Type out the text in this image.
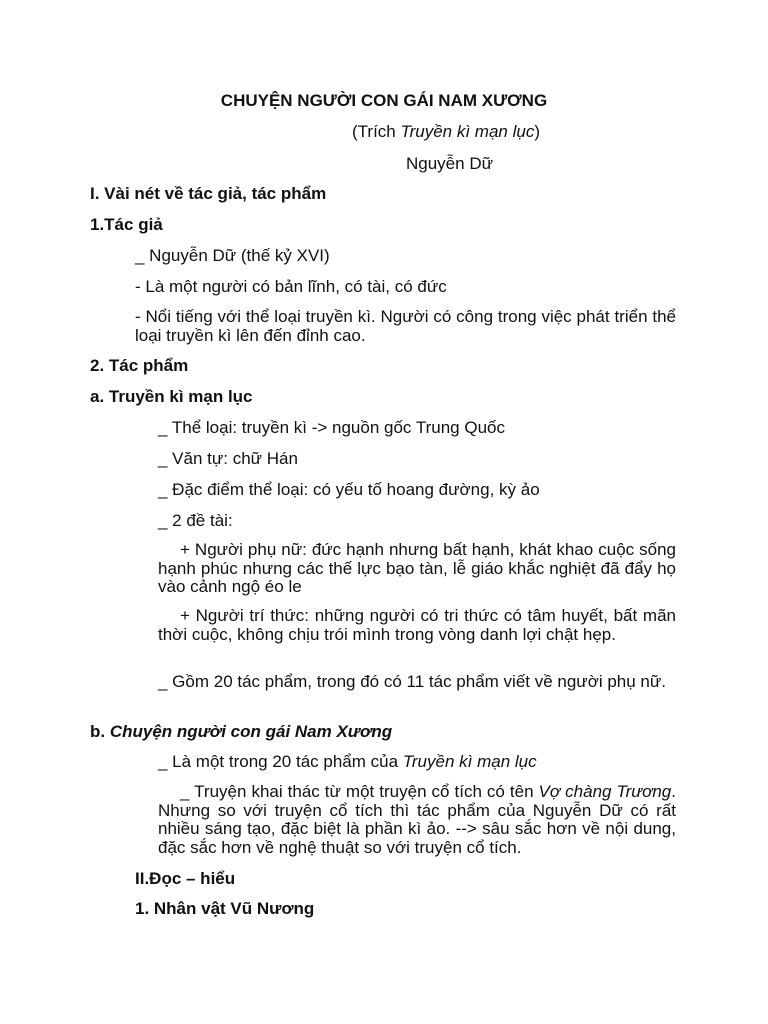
CHUYỆN NGƯỜI CON GÁI NAM XƯƠNG
(Trích Truyền kì mạn lục)
Nguyễn Dữ
I. Vài nét về tác giả, tác phẩm
1.Tác giả
_ Nguyễn Dữ (thế kỷ XVI)
- Là một người có bản lĩnh, có tài, có đức
- Nổi tiếng với thể loại truyền kì. Người có công trong việc phát triển thể loại truyền kì lên đến đỉnh cao.
2. Tác phẩm
a. Truyền kì mạn lục
_ Thể loại: truyền kì -> nguồn gốc Trung Quốc
_ Văn tự: chữ Hán
_ Đặc điểm thể loại: có yếu tố hoang đường, kỳ ảo
_ 2 đề tài:
+ Người phụ nữ: đức hạnh nhưng bất hạnh, khát khao cuộc sống hạnh phúc nhưng các thế lực bạo tàn, lễ giáo khắc nghiệt đã đẩy họ vào cảnh ngộ éo le
+ Người trí thức: những người có tri thức có tâm huyết, bất mãn thời cuộc, không chịu trói mình trong vòng danh lợi chật hẹp.
_ Gồm 20 tác phẩm, trong đó có 11 tác phẩm viết về người phụ nữ.
b. Chuyện người con gái Nam Xương
_ Là một trong 20 tác phẩm của Truyền kì mạn lục
_ Truyện khai thác từ một truyện cổ tích có tên Vợ chàng Trương. Nhưng so với truyện cổ tích thì tác phẩm của Nguyễn Dữ có rất nhiều sáng tạo, đặc biệt là phần kì ảo. --> sâu sắc hơn về nội dung, đặc sắc hơn về nghệ thuật so với truyện cổ tích.
II.Đọc – hiểu
1. Nhân vật Vũ Nương
